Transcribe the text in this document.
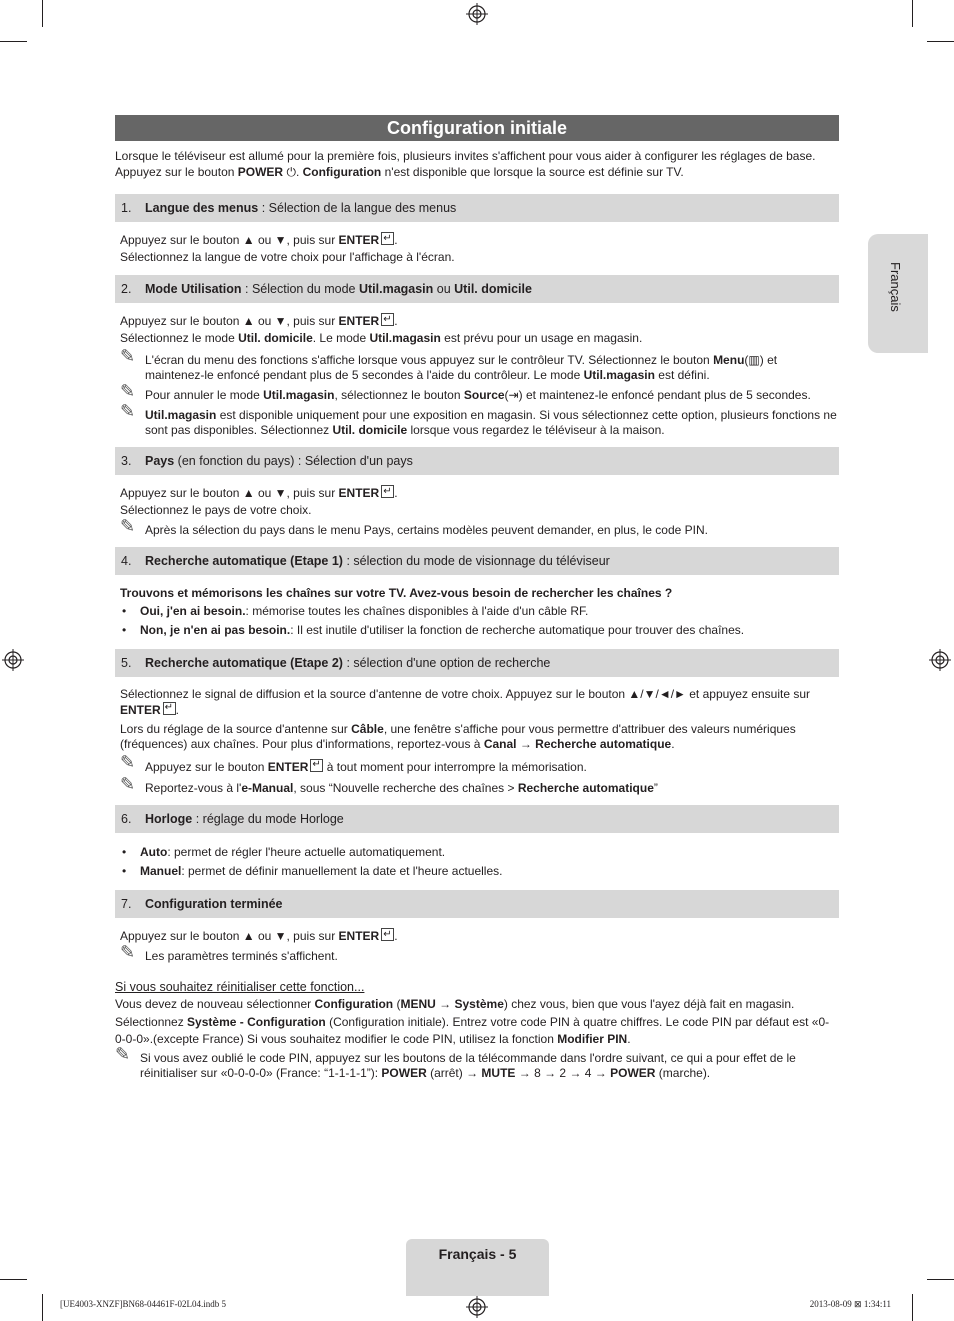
Français
Configuration initiale
Lorsque le téléviseur est allumé pour la première fois, plusieurs invites s'affichent pour vous aider à configurer les réglages de base.
Appuyez sur le bouton POWER ⏻. Configuration n'est disponible que lorsque la source est définie sur TV.
1. Langue des menus : Sélection de la langue des menus
Appuyez sur le bouton ▲ ou ▼, puis sur ENTER ↵ .
Sélectionnez la langue de votre choix pour l'affichage à l'écran.
2. Mode Utilisation : Sélection du mode Util.magasin ou Util. domicile
Appuyez sur le bouton ▲ ou ▼, puis sur ENTER ↵ .
Sélectionnez le mode Util. domicile. Le mode Util.magasin est prévu pour un usage en magasin.
✎ L'écran du menu des fonctions s'affiche lorsque vous appuyez sur le contrôleur TV. Sélectionnez le bouton Menu(▥) et maintenez-le enfoncé pendant plus de 5 secondes à l'aide du contrôleur. Le mode Util.magasin est défini.
✎ Pour annuler le mode Util.magasin, sélectionnez le bouton Source(⇥) et maintenez-le enfoncé pendant plus de 5 secondes.
✎ Util.magasin est disponible uniquement pour une exposition en magasin. Si vous sélectionnez cette option, plusieurs fonctions ne sont pas disponibles. Sélectionnez Util. domicile lorsque vous regardez le téléviseur à la maison.
3. Pays (en fonction du pays) : Sélection d'un pays
Appuyez sur le bouton ▲ ou ▼, puis sur ENTER ↵ .
Sélectionnez le pays de votre choix.
✎ Après la sélection du pays dans le menu Pays, certains modèles peuvent demander, en plus, le code PIN.
4. Recherche automatique (Etape 1) : sélection du mode de visionnage du téléviseur
Trouvons et mémorisons les chaînes sur votre TV. Avez-vous besoin de rechercher les chaînes ?
• Oui, j'en ai besoin.: mémorise toutes les chaînes disponibles à l'aide d'un câble RF.
• Non, je n'en ai pas besoin.: Il est inutile d'utiliser la fonction de recherche automatique pour trouver des chaînes.
5. Recherche automatique (Etape 2) : sélection d'une option de recherche
Sélectionnez le signal de diffusion et la source d'antenne de votre choix. Appuyez sur le bouton ▲/▼/◄/► et appuyez ensuite sur ENTER ↵ .
Lors du réglage de la source d'antenne sur Câble, une fenêtre s'affiche pour vous permettre d'attribuer des valeurs numériques (fréquences) aux chaînes. Pour plus d'informations, reportez-vous à Canal → Recherche automatique.
✎ Appuyez sur le bouton ENTER↵ à tout moment pour interrompre la mémorisation.
✎ Reportez-vous à l'e-Manual, sous “Nouvelle recherche des chaînes > Recherche automatique”
6. Horloge : réglage du mode Horloge
• Auto: permet de régler l'heure actuelle automatiquement.
• Manuel: permet de définir manuellement la date et l'heure actuelles.
7. Configuration terminée
Appuyez sur le bouton ▲ ou ▼, puis sur ENTER ↵ .
✎ Les paramètres terminés s'affichent.
Si vous souhaitez réinitialiser cette fonction...
Vous devez de nouveau sélectionner Configuration (MENU → Système) chez vous, bien que vous l'ayez déjà fait en magasin.
Sélectionnez Système - Configuration (Configuration initiale). Entrez votre code PIN à quatre chiffres. Le code PIN par défaut est «0-0-0-0».(excepte France) Si vous souhaitez modifier le code PIN, utilisez la fonction Modifier PIN.
✎ Si vous avez oublié le code PIN, appuyez sur les boutons de la télécommande dans l'ordre suivant, ce qui a pour effet de le réinitialiser sur «0-0-0-0» (France: “1-1-1-1”): POWER (arrêt) → MUTE → 8 → 2 → 4 → POWER (marche).
Français - 5
[UE4003-XNZF]BN68-04461F-02L04.indb 5	2013-08-09 ⊠ 1:34:11
